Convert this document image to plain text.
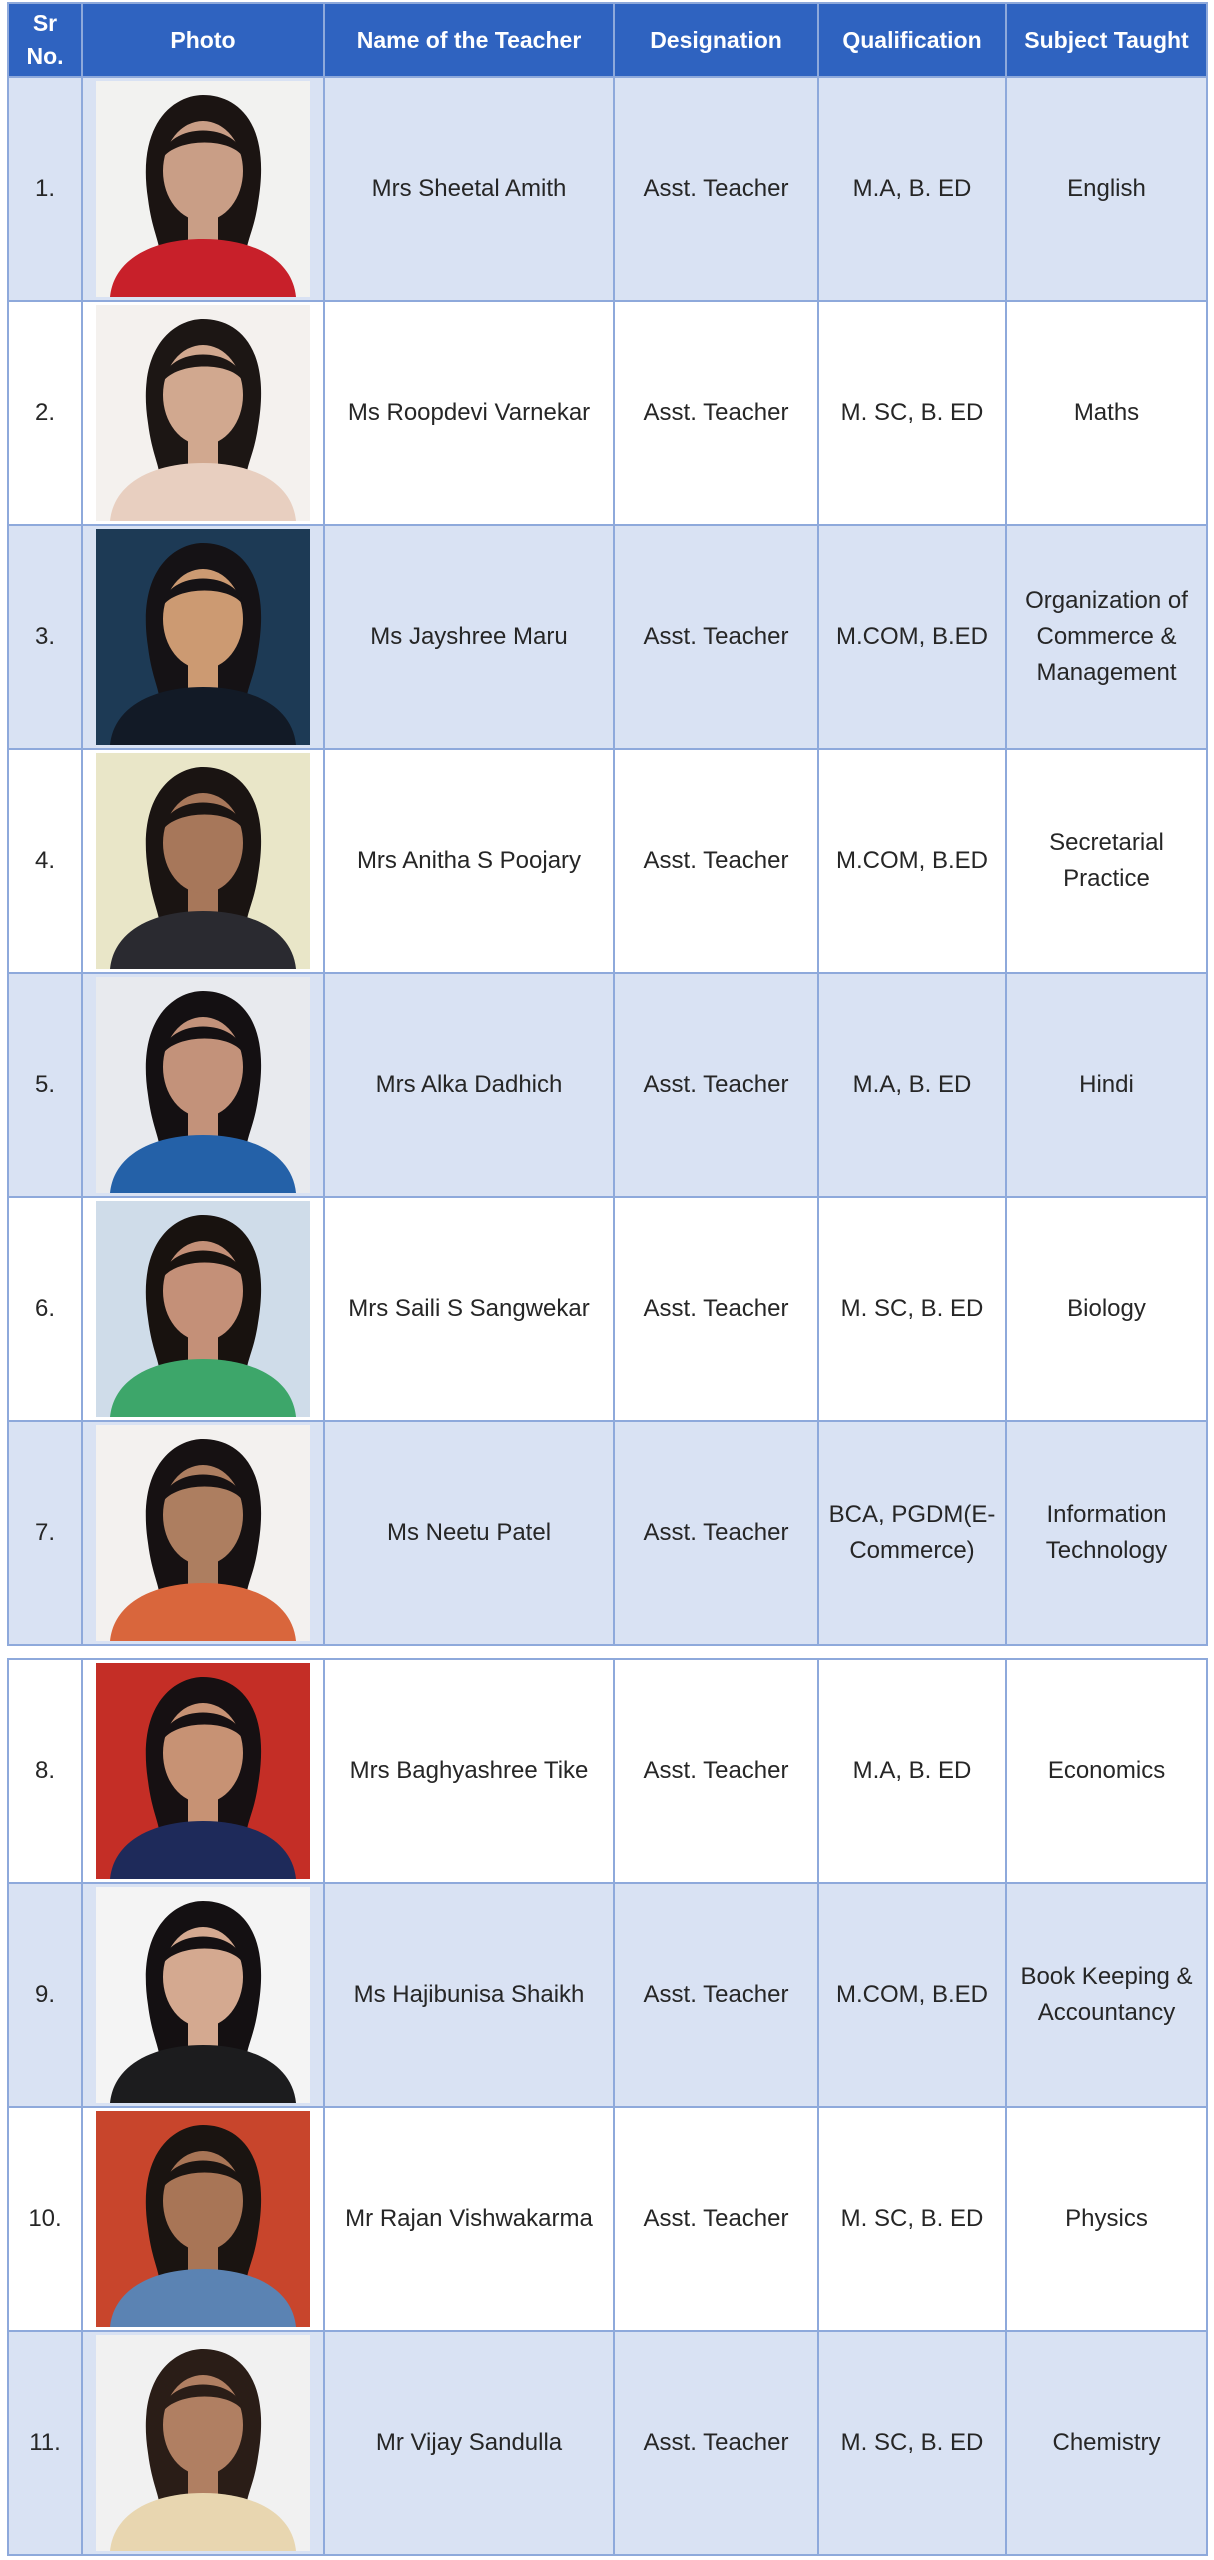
Sr No.	Photo	Name of the Teacher	Designation	Qualification	Subject Taught
1.		Mrs Sheetal Amith	Asst. Teacher	M.A, B. ED	English
2.		Ms Roopdevi Varnekar	Asst. Teacher	M. SC, B. ED	Maths
3.		Ms Jayshree Maru	Asst. Teacher	M.COM, B.ED	Organization of Commerce & Management
4.		Mrs Anitha S Poojary	Asst. Teacher	M.COM, B.ED	Secretarial Practice
5.		Mrs Alka Dadhich	Asst. Teacher	M.A, B. ED	Hindi
6.		Mrs Saili S Sangwekar	Asst. Teacher	M. SC, B. ED	Biology
7.		Ms Neetu Patel	Asst. Teacher	BCA, PGDM(E-Commerce)	Information Technology
8.		Mrs Baghyashree Tike	Asst. Teacher	M.A, B. ED	Economics
9.		Ms Hajibunisa Shaikh	Asst. Teacher	M.COM, B.ED	Book Keeping & Accountancy
10.		Mr Rajan Vishwakarma	Asst. Teacher	M. SC, B. ED	Physics
11.		Mr Vijay Sandulla	Asst. Teacher	M. SC, B. ED	Chemistry
